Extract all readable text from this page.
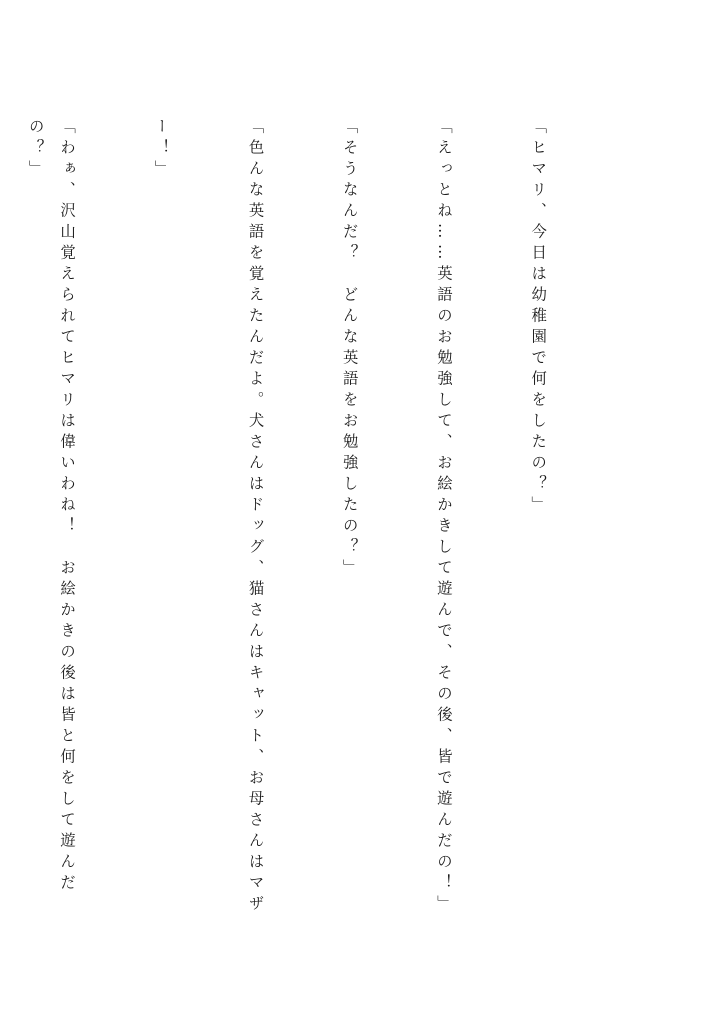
「ヒマリ、今日は幼稚園で何をしたの？」

「えっとね……英語のお勉強して、お絵かきして遊んで、その後、皆で遊んだの！」

「そうなんだ？　どんな英語をお勉強したの？」

「色んな英語を覚えたんだよ。犬さんはドッグ、猫さんはキャット、お母さんはマザ

ー！」

「わぁ、沢山覚えられてヒマリは偉いわね！　お絵かきの後は皆と何をして遊んだの？」
